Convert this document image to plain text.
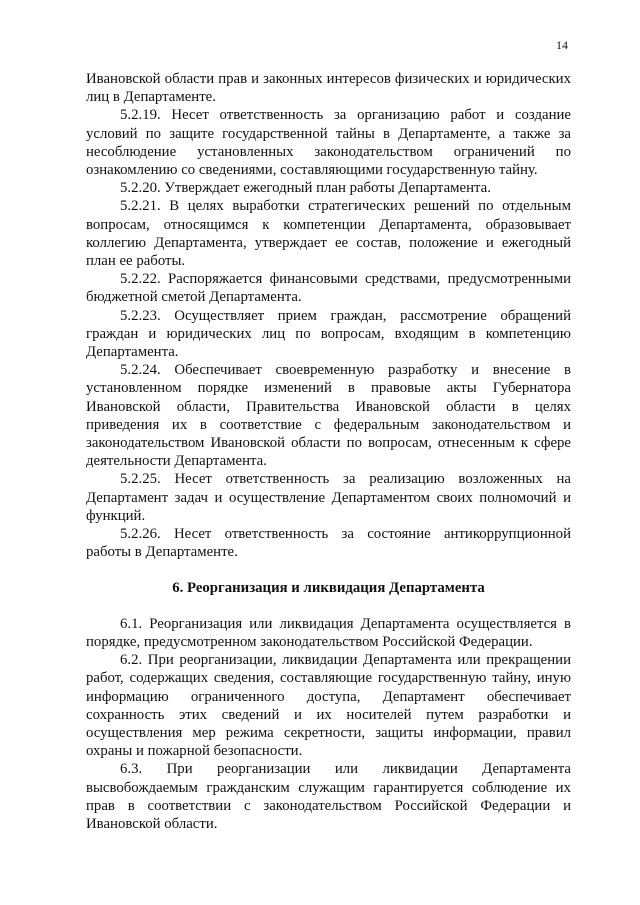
14

Ивановской области прав и законных интересов физических и юридических лиц в Департаменте.

5.2.19. Несет ответственность за организацию работ и создание условий по защите государственной тайны в Департаменте, а также за несоблюдение установленных законодательством ограничений по ознакомлению со сведениями, составляющими государственную тайну.

5.2.20. Утверждает ежегодный план работы Департамента.

5.2.21. В целях выработки стратегических решений по отдельным вопросам, относящимся к компетенции Департамента, образовывает коллегию Департамента, утверждает ее состав, положение и ежегодный план ее работы.

5.2.22. Распоряжается финансовыми средствами, предусмотренными бюджетной сметой Департамента.

5.2.23. Осуществляет прием граждан, рассмотрение обращений граждан и юридических лиц по вопросам, входящим в компетенцию Департамента.

5.2.24. Обеспечивает своевременную разработку и внесение в установленном порядке изменений в правовые акты Губернатора Ивановской области, Правительства Ивановской области в целях приведения их в соответствие с федеральным законодательством и законодательством Ивановской области по вопросам, отнесенным к сфере деятельности Департамента.

5.2.25. Несет ответственность за реализацию возложенных на Департамент задач и осуществление Департаментом своих полномочий и функций.

5.2.26. Несет ответственность за состояние антикоррупционной работы в Департаменте.

6. Реорганизация и ликвидация Департамента

6.1. Реорганизация или ликвидация Департамента осуществляется в порядке, предусмотренном законодательством Российской Федерации.

6.2. При реорганизации, ликвидации Департамента или прекращении работ, содержащих сведения, составляющие государственную тайну, иную информацию ограниченного доступа, Департамент обеспечивает сохранность этих сведений и их носителей путем разработки и осуществления мер режима секретности, защиты информации, правил охраны и пожарной безопасности.

6.3. При реорганизации или ликвидации Департамента высвобождаемым гражданским служащим гарантируется соблюдение их прав в соответствии с законодательством Российской Федерации и Ивановской области.
